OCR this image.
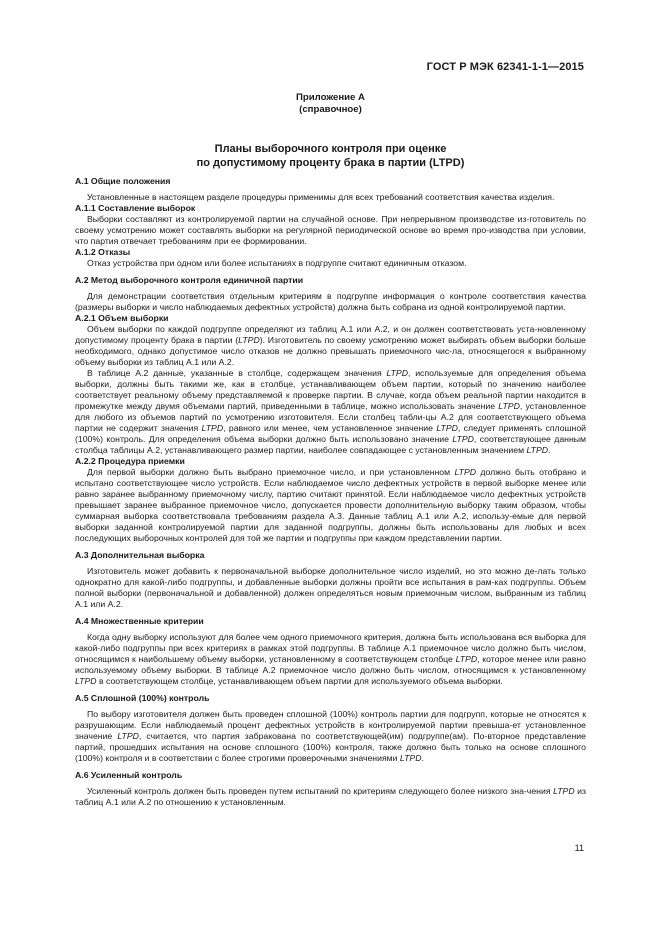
ГОСТ Р МЭК 62341-1-1—2015
Приложение А
(справочное)
Планы выборочного контроля при оценке
по допустимому проценту брака в партии (LTPD)
А.1 Общие положения

Установленные в настоящем разделе процедуры применимы для всех требований соответствия качества изделия.

А.1.1 Составление выборок

Выборки составляют из контролируемой партии на случайной основе. При непрерывном производстве из-готовитель по своему усмотрению может составлять выборки на регулярной периодической основе во время про-изводства при условии, что партия отвечает требованиям при ее формировании.

А.1.2 Отказы

Отказ устройства при одном или более испытаниях в подгруппе считают единичным отказом.

А.2 Метод выборочного контроля единичной партии

Для демонстрации соответствия отдельным критериям в подгруппе информация о контроле соответствия качества (размеры выборки и число наблюдаемых дефектных устройств) должна быть собрана из одной контролируемой партии.

А.2.1 Объем выборки

Объем выборки по каждой подгруппе определяют из таблиц А.1 или А.2, и он должен соответствовать уста-новленному допустимому проценту брака в партии (LTPD). Изготовитель по своему усмотрению может выбирать объем выборки больше необходимого, однако допустимое число отказов не должно превышать приемочного чис-ла, относящегося к выбранному объему выборки из таблиц А.1 или А.2.

В таблице А.2 данные, указанные в столбце, содержащем значения LTPD, используемые для определения объема выборки, должны быть такими же, как в столбце, устанавливающем объем партии, который по значению наиболее соответствует реальному объему представляемой к проверке партии. В случае, когда объем реальной партии находится в промежутке между двумя объемами партий, приведенными в таблице, можно использовать значение LTPD, установленное для любого из объемов партий по усмотрению изготовителя. Если столбец табли-цы А.2 для соответствующего объема партии не содержит значения LTPD, равного или менее, чем установленное значение LTPD, следует применять сплошной (100%) контроль. Для определения объема выборки должно быть использовано значение LTPD, соответствующее данным столбца таблицы А.2, устанавливающего размер партии, наиболее совпадающее с установленным значением LTPD.

А.2.2 Процедура приемки

Для первой выборки должно быть выбрано приемочное число, и при установленном LTPD должно быть отобрано и испытано соответствующее число устройств. Если наблюдаемое число дефектных устройств в первой выборке менее или равно заранее выбранному приемочному числу, партию считают принятой. Если наблюдаемое число дефектных устройств превышает заранее выбранное приемочное число, допускается провести дополнительную выборку таким образом, чтобы суммарная выборка соответствовала требованиям раздела А.3. Данные таблиц А.1 или А.2, использу-емые для первой выборки заданной контролируемой партии для заданной подгруппы, должны быть использованы для любых и всех последующих выборочных контролей для той же партии и подгруппы при каждом представлении партии.

А.3 Дополнительная выборка

Изготовитель может добавить к первоначальной выборке дополнительное число изделий, но это можно де-лать только однократно для какой-либо подгруппы, и добавленные выборки должны пройти все испытания в рам-ках подгруппы. Объем полной выборки (первоначальной и добавленной) должен определяться новым приемочным числом, выбранным из таблиц А.1 или А.2.

А.4 Множественные критерии

Когда одну выборку используют для более чем одного приемочного критерия, должна быть использована вся выборка для какой-либо подгруппы при всех критериях в рамках этой подгруппы. В таблице А.1 приемочное число должно быть числом, относящимся к наибольшему объему выборки, установленному в соответствующем столбце LTPD, которое менее или равно используемому объему выборки. В таблице А.2 приемочное число должно быть числом, относящимся к установленному LTPD в соответствующем столбце, устанавливающем объем партии для используемого объема выборки.

А.5 Сплошной (100%) контроль

По выбору изготовителя должен быть проведен сплошной (100%) контроль партии для подгрупп, которые не относятся к разрушающим. Если наблюдаемый процент дефектных устройств в контролируемой партии превыша-ет установленное значение LTPD, считается, что партия забракована по соответствующей(им) подгруппе(ам). По-вторное представление партий, прошедших испытания на основе сплошного (100%) контроля, также должно быть только на основе сплошного (100%) контроля и в соответствии с более строгими проверочными значениями LTPD.

А.6 Усиленный контроль

Усиленный контроль должен быть проведен путем испытаний по критериям следующего более низкого зна-чения LTPD из таблиц А.1 или А.2 по отношению к установленным.

11
